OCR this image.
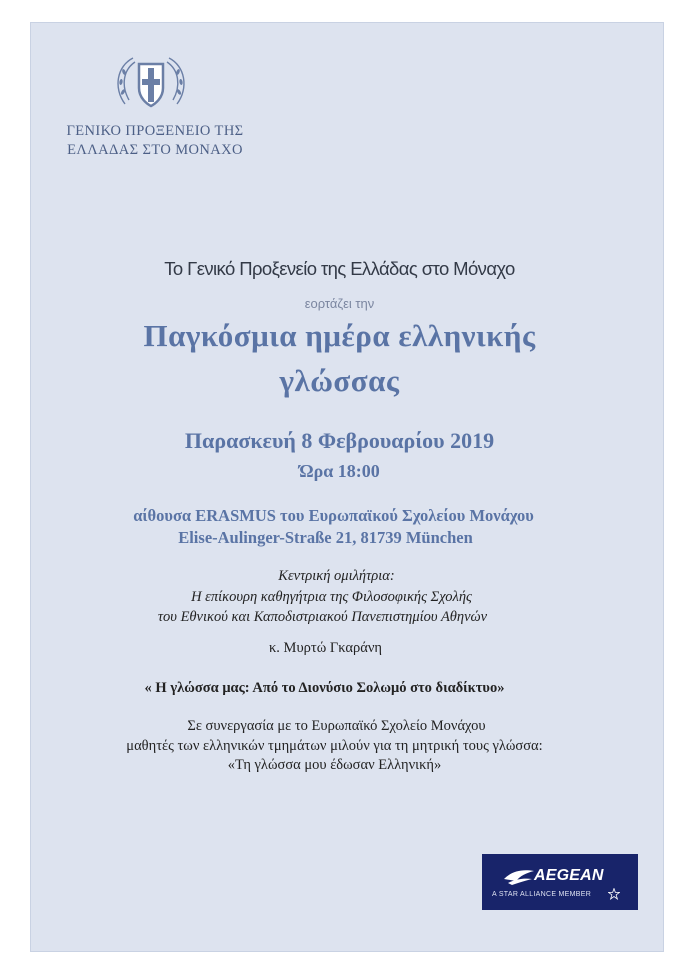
ΓΕΝΙΚΟ ΠΡΟΞΕΝΕΙΟ ΤΗΣ
ΕΛΛΑΔΑΣ ΣΤΟ ΜΟΝΑΧΟ
Το Γενικό Προξενείο της Ελλάδας στο Μόναχο
εορτάζει την
Παγκόσμια ημέρα ελληνικής
γλώσσας
Παρασκευή 8 Φεβρουαρίου 2019
Ώρα 18:00
αίθουσα ERASMUS του Ευρωπαϊκού Σχολείου Μονάχου
Elise-Aulinger-Straße 21, 81739 München
Κεντρική ομιλήτρια:
Η επίκουρη καθηγήτρια της Φιλοσοφικής Σχολής
του Εθνικού και Καποδιστριακού Πανεπιστημίου Αθηνών
κ. Μυρτώ Γκαράνη
« Η γλώσσα μας: Από το Διονύσιο Σολωμό στο διαδίκτυο»
Σε συνεργασία με το Ευρωπαϊκό Σχολείο Μονάχου
μαθητές των ελληνικών τμημάτων μιλούν για τη μητρική τους γλώσσα:
«Τη γλώσσα μου έδωσαν Ελληνική»
AEGEAN
A STAR ALLIANCE MEMBER
